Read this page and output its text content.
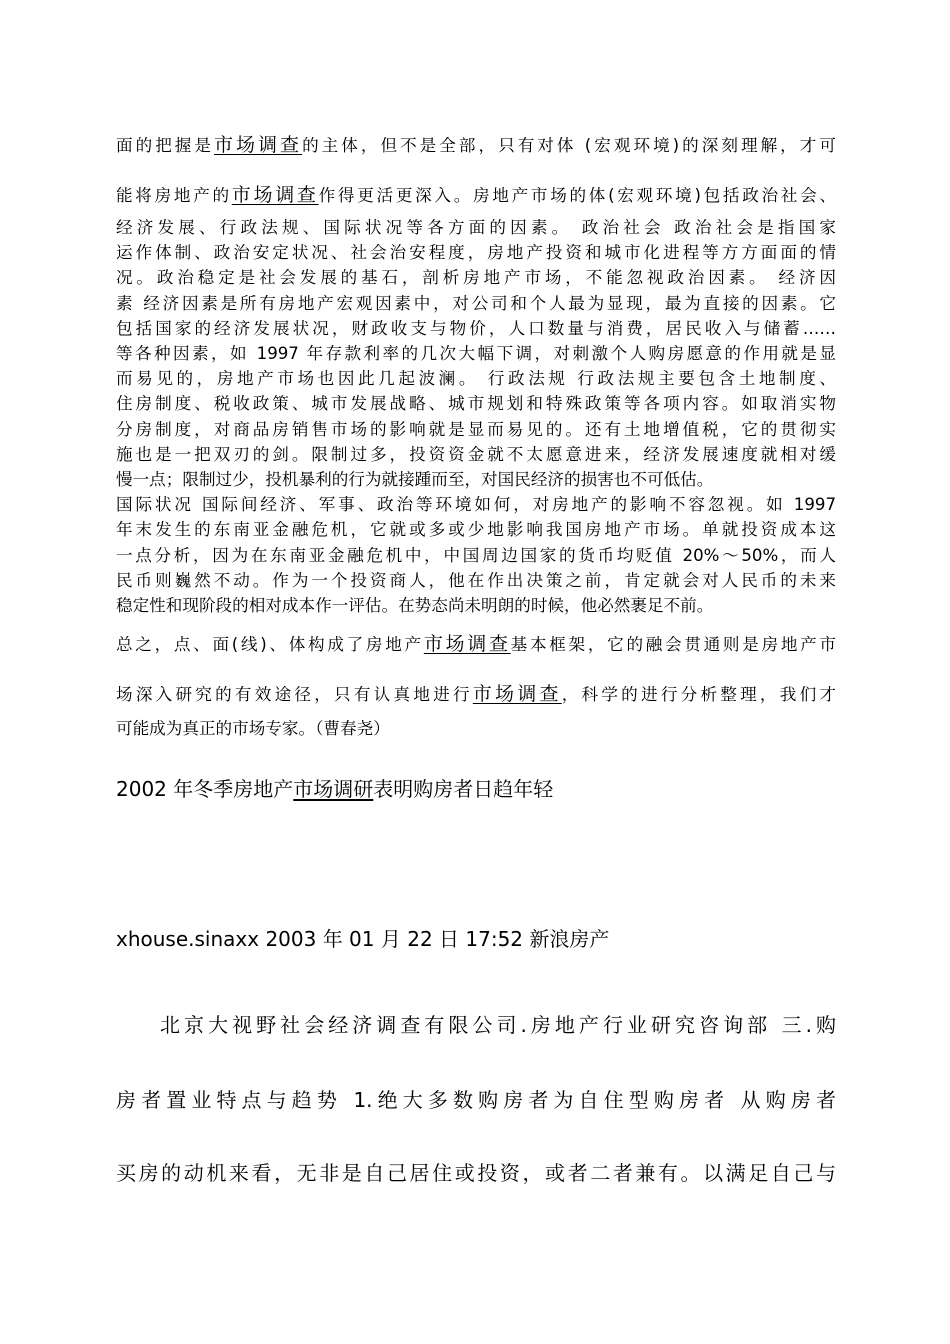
面的把握是市场调查的主体，但不是全部，只有对体 (宏观环境)的深刻理解，才可
能将房地产的市场调查作得更活更深入。房地产市场的体(宏观环境)包括政治社会、
经济发展、行政法规、国际状况等各方面的因素。 政治社会 政治社会是指国家
运作体制、政治安定状况、社会治安程度，房地产投资和城市化进程等方方面面的情
况。政治稳定是社会发展的基石，剖析房地产市场，不能忽视政治因素。 经济因
素 经济因素是所有房地产宏观因素中，对公司和个人最为显现，最为直接的因素。它
包括国家的经济发展状况，财政收支与物价，人口数量与消费，居民收入与储蓄……
等各种因素，如 1997 年存款利率的几次大幅下调，对刺激个人购房愿意的作用就是显
而易见的，房地产市场也因此几起波澜。 行政法规 行政法规主要包含土地制度、
住房制度、税收政策、城市发展战略、城市规划和特殊政策等各项内容。如取消实物
分房制度，对商品房销售市场的影响就是显而易见的。还有土地增值税，它的贯彻实
施也是一把双刃的剑。限制过多，投资资金就不太愿意进来，经济发展速度就相对缓
慢一点；限制过少，投机暴利的行为就接踵而至，对国民经济的损害也不可低估。
国际状况 国际间经济、军事、政治等环境如何，对房地产的影响不容忽视。如 1997
年末发生的东南亚金融危机，它就或多或少地影响我国房地产市场。单就投资成本这
一点分析，因为在东南亚金融危机中，中国周边国家的货币均贬值 20%～50%，而人
民币则巍然不动。作为一个投资商人，他在作出决策之前，肯定就会对人民币的未来
稳定性和现阶段的相对成本作一评估。在势态尚未明朗的时候，他必然裹足不前。
总之，点、面(线)、体构成了房地产市场调查基本框架，它的融会贯通则是房地产市
场深入研究的有效途径，只有认真地进行市场调查，科学的进行分析整理，我们才
可能成为真正的市场专家。（曹春尧）
2002 年冬季房地产市场调研表明购房者日趋年轻
xhouse.sinaxx 2003 年 01 月 22 日 17:52 新浪房产
北京大视野社会经济调查有限公司.房地产行业研究咨询部 三.购
房者置业特点与趋势 1.绝大多数购房者为自住型购房者 从购房者
买房的动机来看，无非是自己居住或投资，或者二者兼有。以满足自己与
